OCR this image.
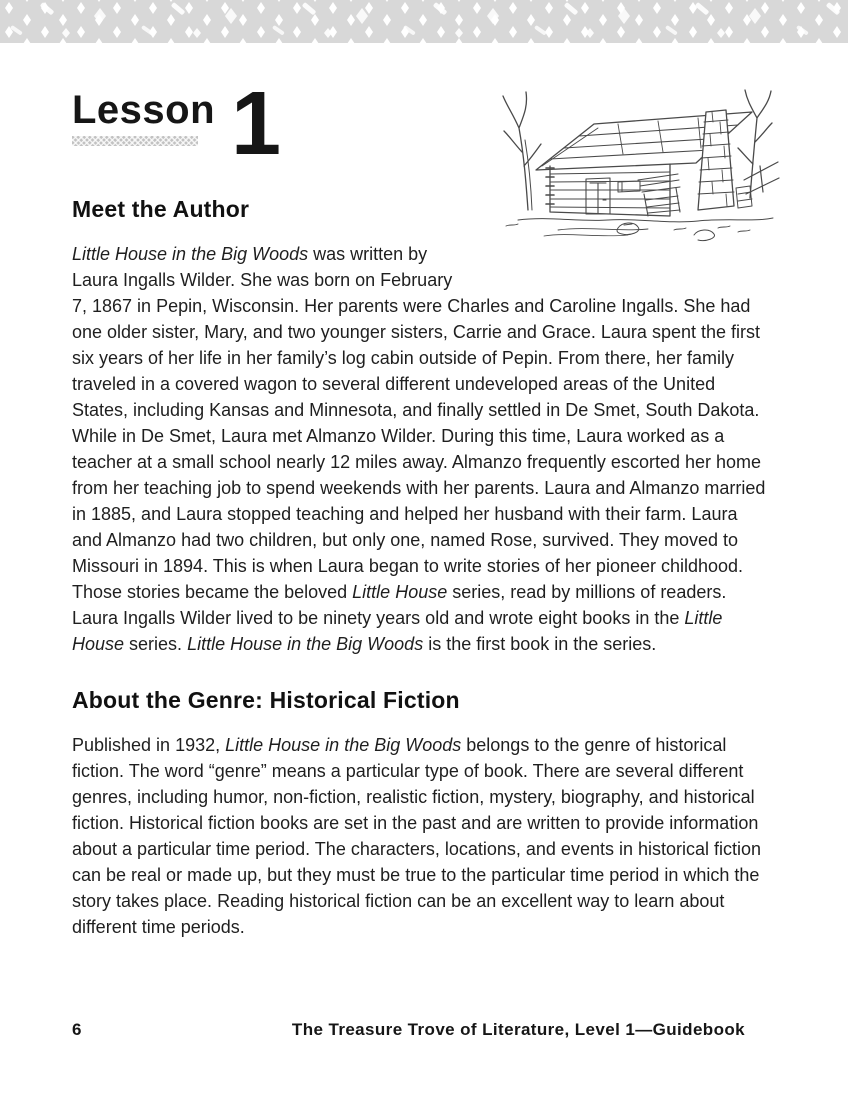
Lesson 1
Meet the Author

Little House in the Big Woods was written by Laura Ingalls Wilder. She was born on February 7, 1867 in Pepin, Wisconsin. Her parents were Charles and Caroline Ingalls. She had one older sister, Mary, and two younger sisters, Carrie and Grace. Laura spent the first six years of her life in her family’s log cabin outside of Pepin. From there, her family traveled in a covered wagon to several different undeveloped areas of the United States, including Kansas and Minnesota, and finally settled in De Smet, South Dakota. While in De Smet, Laura met Almanzo Wilder. During this time, Laura worked as a teacher at a small school nearly 12 miles away. Almanzo frequently escorted her home from her teaching job to spend weekends with her parents. Laura and Almanzo married in 1885, and Laura stopped teaching and helped her husband with their farm. Laura and Almanzo had two children, but only one, named Rose, survived. They moved to Missouri in 1894. This is when Laura began to write stories of her pioneer childhood. Those stories became the beloved Little House series, read by millions of readers. Laura Ingalls Wilder lived to be ninety years old and wrote eight books in the Little House series. Little House in the Big Woods is the first book in the series.

About the Genre: Historical Fiction

Published in 1932, Little House in the Big Woods belongs to the genre of historical fiction. The word “genre” means a particular type of book. There are several different genres, including humor, non-fiction, realistic fiction, mystery, biography, and historical fiction. Historical fiction books are set in the past and are written to provide information about a particular time period. The characters, locations, and events in historical fiction can be real or made up, but they must be true to the particular time period in which the story takes place. Reading historical fiction can be an excellent way to learn about different time periods.

6	The Treasure Trove of Literature, Level 1—Guidebook
